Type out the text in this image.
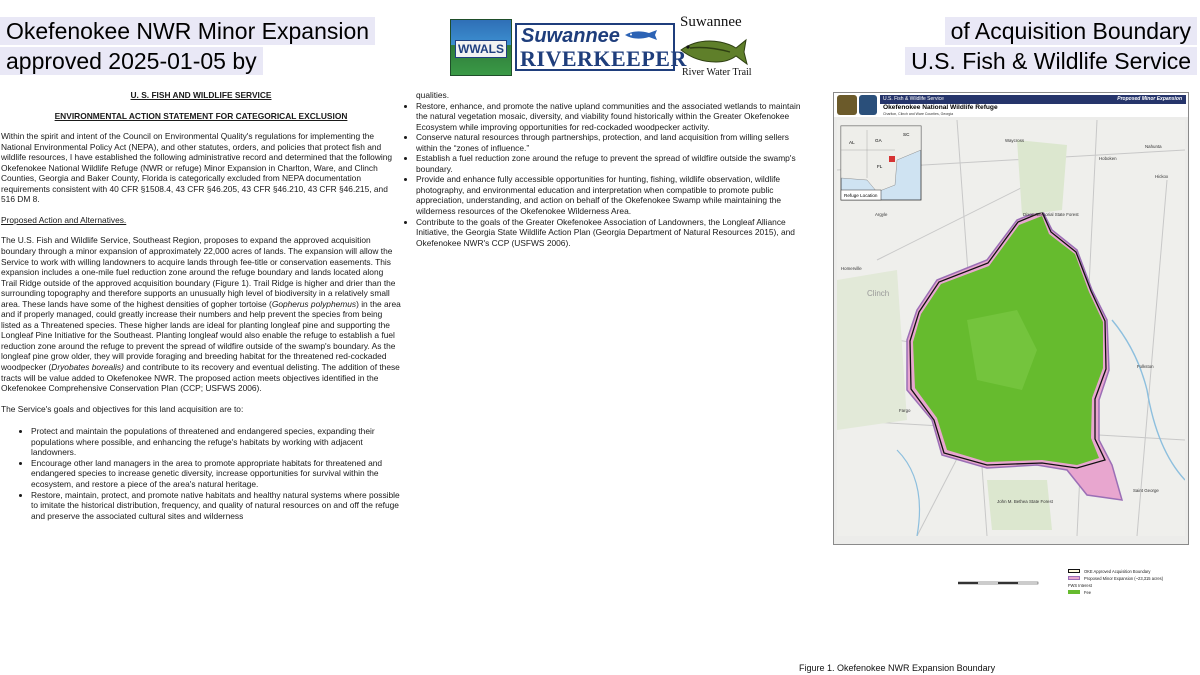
Okefenokee NWR Minor Expansion
approved 2025-01-05 by
of Acquisition Boundary
U.S. Fish & Wildlife Service
WWALS
Suwannee
RIVERKEEPER
Suwannee
River Water Trail
U. S. FISH AND WILDLIFE SERVICE
ENVIRONMENTAL ACTION STATEMENT FOR CATEGORICAL EXCLUSION

Within the spirit and intent of the Council on Environmental Quality's regulations for implementing the National Environmental Policy Act (NEPA), and other statutes, orders, and policies that protect fish and wildlife resources, I have established the following administrative record and determined that the following Okefenokee National Wildlife Refuge (NWR or refuge) Minor Expansion in Charlton, Ware, and Clinch Counties, Georgia and Baker County, Florida is categorically excluded from NEPA documentation requirements consistent with 40 CFR §1508.4, 43 CFR §46.205, 43 CFR §46.210, 43 CFR §46.215, and 516 DM 8.

Proposed Action and Alternatives.

The U.S. Fish and Wildlife Service, Southeast Region, proposes to expand the approved acquisition boundary through a minor expansion of approximately 22,000 acres of lands. The expansion will allow the Service to work with willing landowners to acquire lands through fee-title or conservation easements. This expansion includes a one-mile fuel reduction zone around the refuge boundary and lands located along Trail Ridge outside of the approved acquisition boundary (Figure 1). Trail Ridge is higher and drier than the surrounding topography and therefore supports an unusually high level of biodiversity in a relatively small area. These lands have some of the highest densities of gopher tortoise (Gopherus polyphemus) in the area and if properly managed, could greatly increase their numbers and help prevent the species from being listed as a Threatened species. These higher lands are ideal for planting longleaf pine and supporting the Longleaf Pine Initiative for the Southeast. Planting longleaf would also enable the refuge to establish a fuel reduction zone around the refuge to prevent the spread of wildfire outside of the swamp's boundary. As the longleaf pine grow older, they will provide foraging and breeding habitat for the threatened red-cockaded woodpecker (Dryobates borealis) and contribute to its recovery and eventual delisting. The addition of these tracts will be value added to Okefenokee NWR. The proposed action meets objectives identified in the Okefenokee Comprehensive Conservation Plan (CCP; USFWS 2006).

The Service's goals and objectives for this land acquisition are to:

• Protect and maintain the populations of threatened and endangered species, expanding their populations where possible, and enhancing the refuge's habitats by working with adjacent landowners.
• Encourage other land managers in the area to promote appropriate habitats for threatened and endangered species to increase genetic diversity, increase opportunities for survival within the ecosystem, and restore a piece of the area's natural heritage.
• Restore, maintain, protect, and promote native habitats and healthy natural systems where possible to imitate the historical distribution, frequency, and quality of natural resources on and off the refuge and preserve the associated cultural sites and wilderness
qualities.
• Restore, enhance, and promote the native upland communities and the associated wetlands to maintain the natural vegetation mosaic, diversity, and viability found historically within the Greater Okefenokee Ecosystem while improving opportunities for red-cockaded woodpecker activity.
• Conserve natural resources through partnerships, protection, and land acquisition from willing sellers within the “zones of influence.”
• Establish a fuel reduction zone around the refuge to prevent the spread of wildfire outside the swamp's boundary.
• Provide and enhance fully accessible opportunities for hunting, fishing, wildlife observation, wildlife photography, and environmental education and interpretation when compatible to promote public appreciation, understanding, and action on behalf of the Okefenokee Swamp while maintaining the wilderness resources of the Okefenokee Wilderness Area.
• Contribute to the goals of the Greater Okefenokee Association of Landowners, the Longleaf Alliance Initiative, the Georgia State Wildlife Action Plan (Georgia Department of Natural Resources 2015), and Okefenokee NWR's CCP (USFWS 2006).
U.S. Fish & Wildlife Service	Proposed Minor Expansion
Okefenokee National Wildlife Refuge
Charlton, Clinch and Ware Counties, Georgia
Refuge Location
AL	GA
SC
FL
Waycross
Hoboken
Nahunta
Hickox
Argyle
Homerville
Clinch
Folkston
Fargo
Saint George
John M. Bethea State Forest
Dixon Memorial State Forest
OKE Approved Acquisition Boundary
Proposed Minor Expansion (~23,315 acres)
FWS Interest
Fee
Figure 1. Okefenokee NWR Expansion Boundary
